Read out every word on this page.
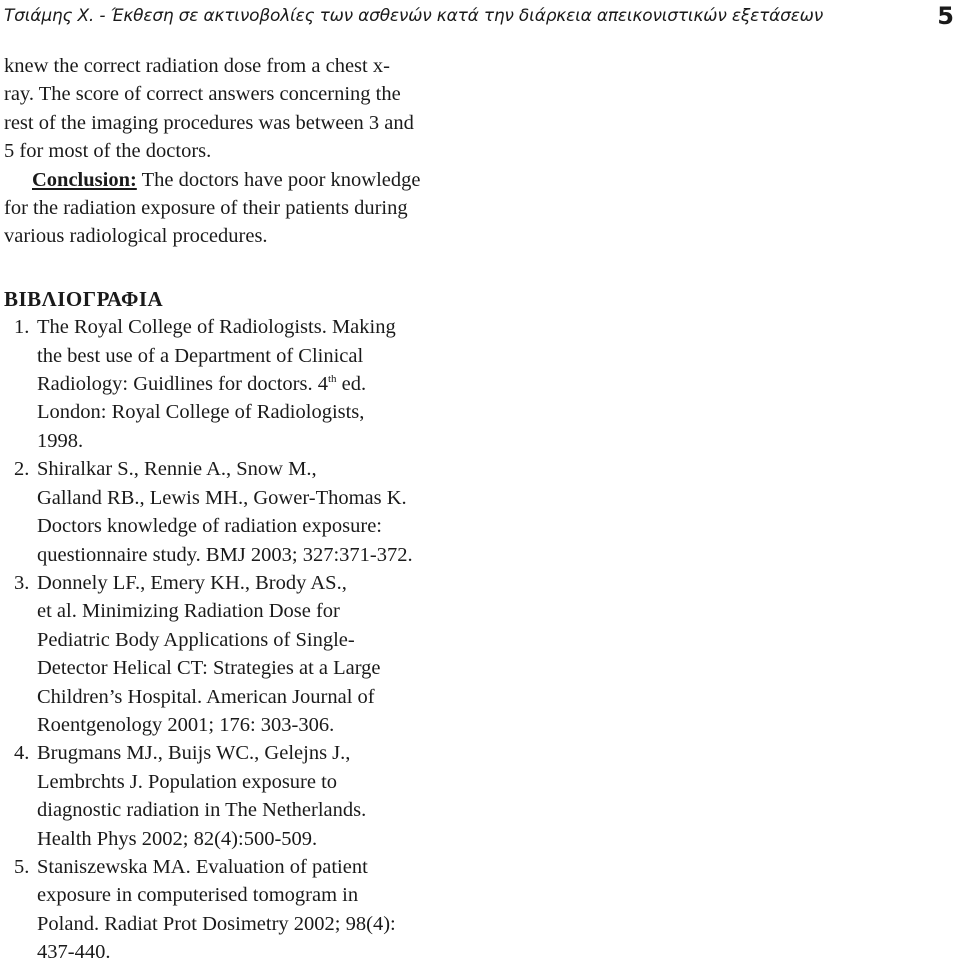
Τσιάμης Χ. - Έκθεση σε ακτινοβολίες των ασθενών κατά την διάρκεια απεικονιστικών εξετάσεων	5

knew the correct radiation dose from a chest x-
ray. The score of correct answers concerning the
rest of the imaging procedures was between 3 and
5 for most of the doctors.

Conclusion: The doctors have poor knowledge
for the radiation exposure of their patients during
various radiological procedures.

ΒΙΒΛΙΟΓΡΑΦΙΑ
1. The Royal College of Radiologists. Making
the best use of a Department of Clinical
Radiology: Guidlines for doctors. 4th ed.
London: Royal College of Radiologists,
1998.
2. Shiralkar S., Rennie A., Snow M.,
Galland RB., Lewis MH., Gower-Thomas K.
Doctors knowledge of radiation exposure:
questionnaire study. BMJ 2003; 327:371-372.
3. Donnely LF., Emery KH., Brody AS.,
et al. Minimizing Radiation Dose for
Pediatric Body Applications of Single-
Detector Helical CT: Strategies at a Large
Children’s Hospital. American Journal of
Roentgenology 2001; 176: 303-306.
4. Brugmans MJ., Buijs WC., Gelejns J.,
Lembrchts J. Population exposure to
diagnostic radiation in The Netherlands.
Health Phys 2002; 82(4):500-509.
5. Staniszewska MA. Evaluation of patient
exposure in computerised tomogram in
Poland. Radiat Prot Dosimetry 2002; 98(4):
437-440.
